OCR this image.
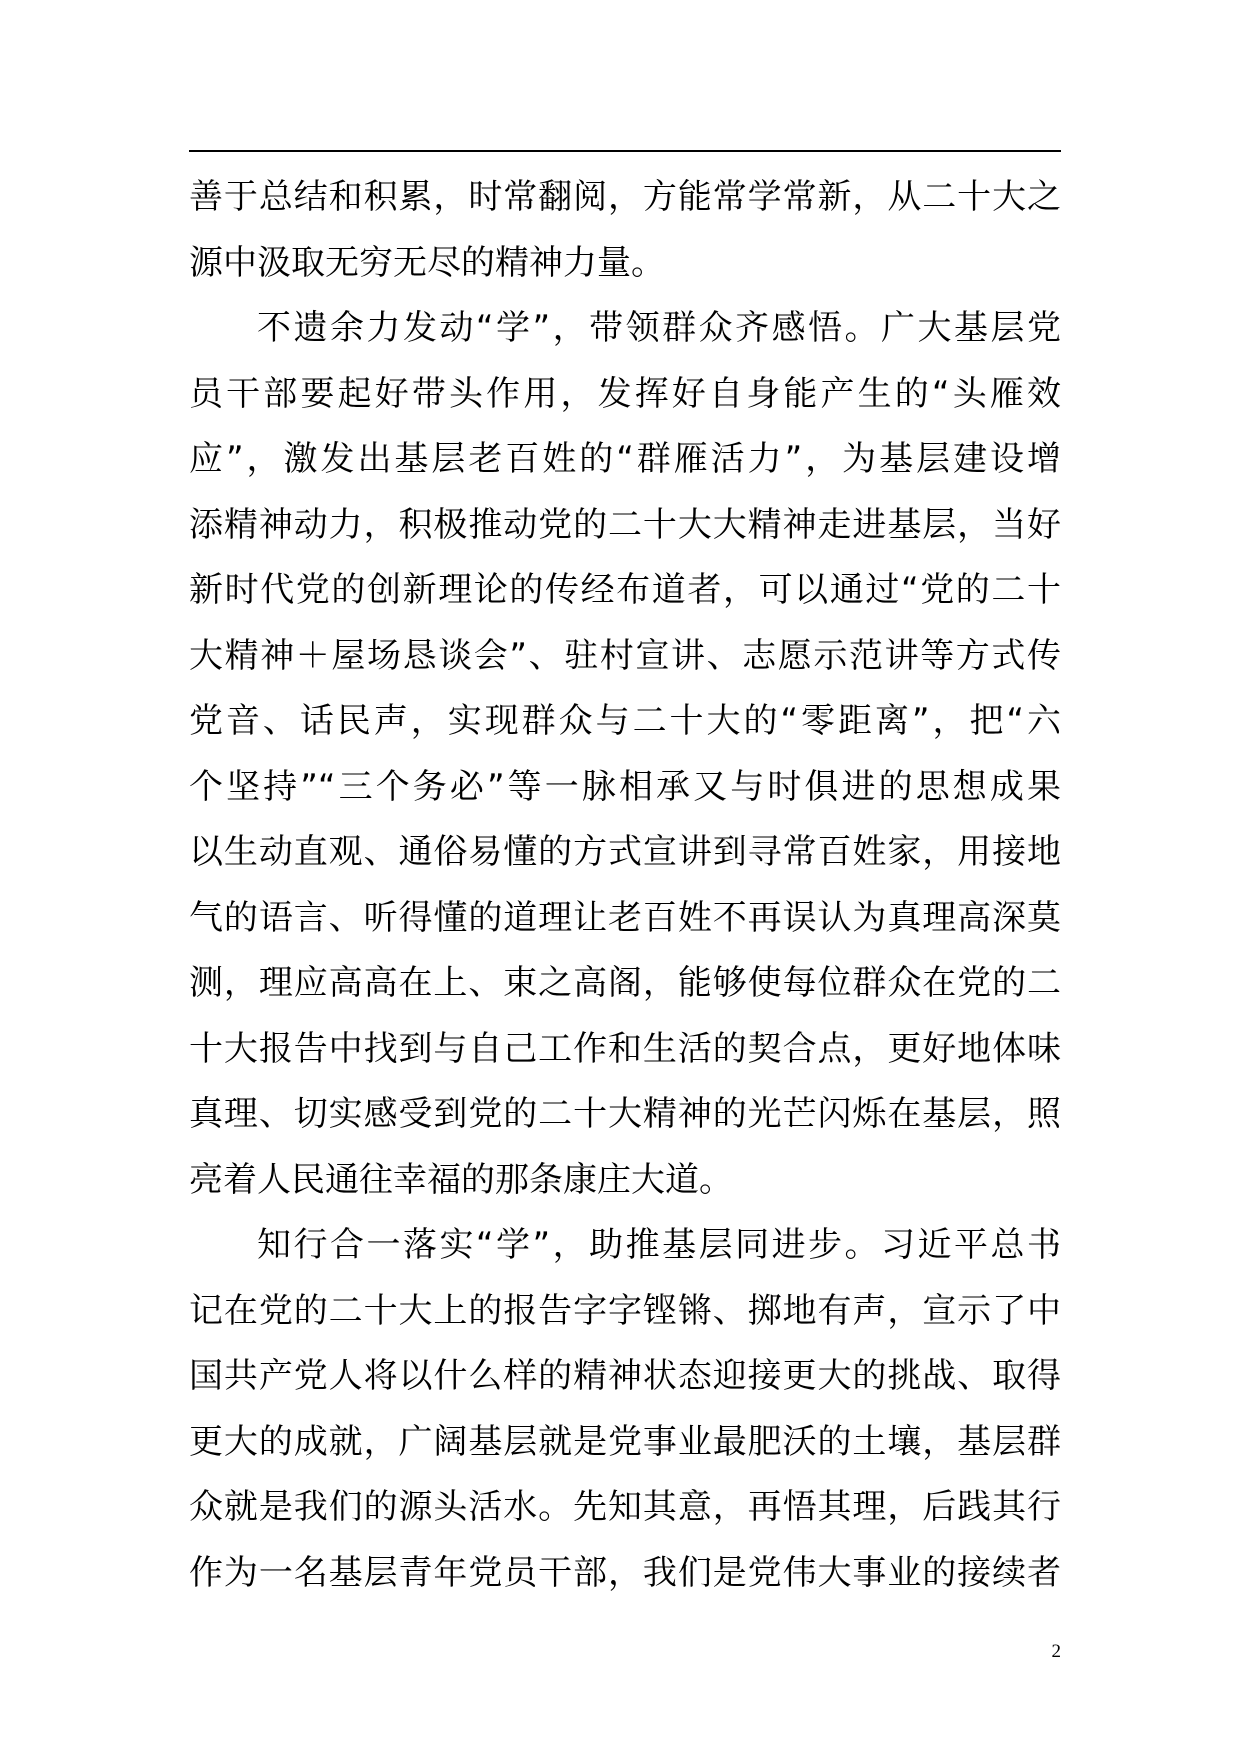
善于总结和积累，时常翻阅，方能常学常新，从二十大之
源中汲取无穷无尽的精神力量。
不遗余力发动“学”，带领群众齐感悟。广大基层党
员干部要起好带头作用，发挥好自身能产生的“头雁效
应”，激发出基层老百姓的“群雁活力”，为基层建设增
添精神动力，积极推动党的二十大大精神走进基层，当好
新时代党的创新理论的传经布道者，可以通过“党的二十
大精神＋屋场恳谈会”、驻村宣讲、志愿示范讲等方式传
党音、话民声，实现群众与二十大的“零距离”，把“六
个坚持”“三个务必”等一脉相承又与时俱进的思想成果
以生动直观、通俗易懂的方式宣讲到寻常百姓家，用接地
气的语言、听得懂的道理让老百姓不再误认为真理高深莫
测，理应高高在上、束之高阁，能够使每位群众在党的二
十大报告中找到与自己工作和生活的契合点，更好地体味
真理、切实感受到党的二十大精神的光芒闪烁在基层，照
亮着人民通往幸福的那条康庄大道。
知行合一落实“学”，助推基层同进步。习近平总书
记在党的二十大上的报告字字铿锵、掷地有声，宣示了中
国共产党人将以什么样的精神状态迎接更大的挑战、取得
更大的成就，广阔基层就是党事业最肥沃的土壤，基层群
众就是我们的源头活水。先知其意，再悟其理，后践其行
作为一名基层青年党员干部，我们是党伟大事业的接续者
2
